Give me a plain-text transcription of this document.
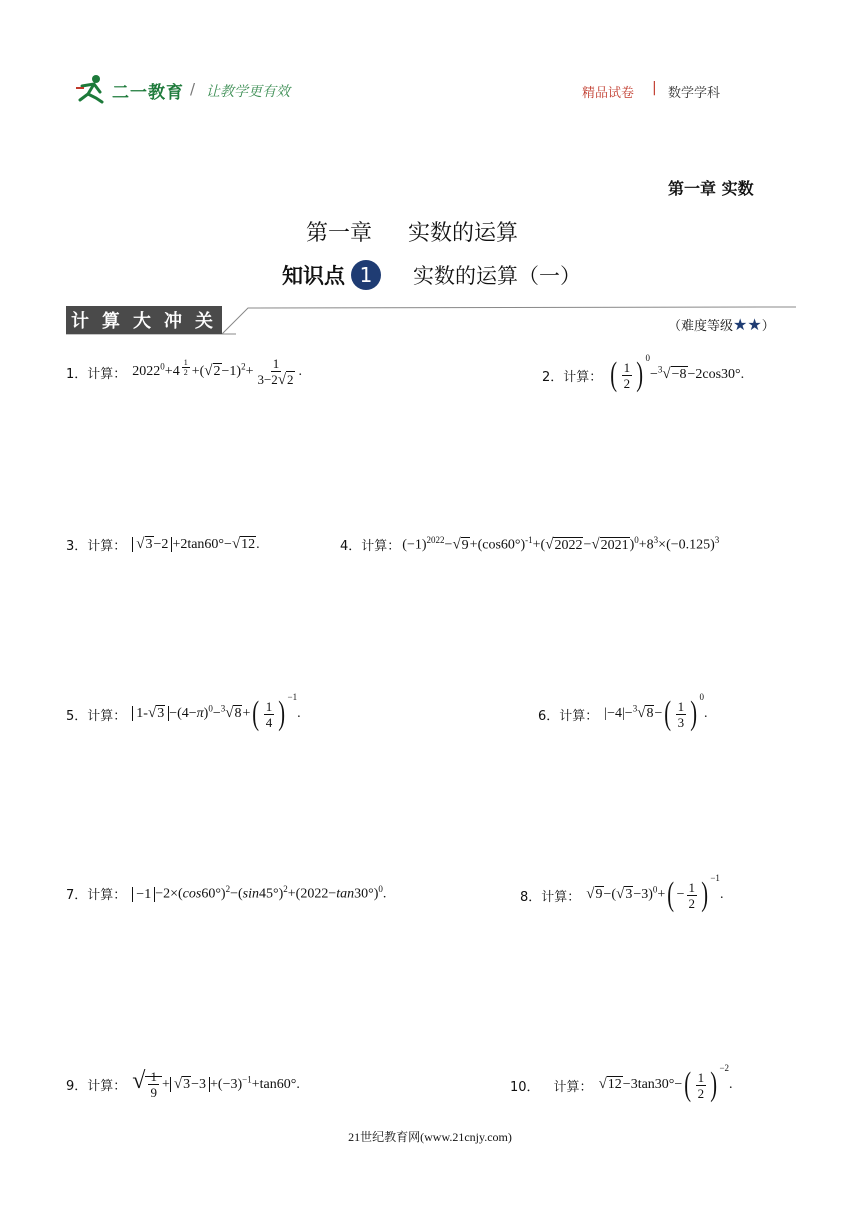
二一教育 / 让教学更有效	精品试卷 | 数学学科
第一章 实数
第一章 实数的运算
知识点 1	实数的运算（一）
计 算 大 冲 关	（难度等级★★）
1． 计算： $2022^0+4$ $^{\frac{1}{2}} +(√2-1)^2+ \frac{1}{3-2√2}$ .	2． 计算： ( $\frac{1}{2}$ ) $^0$−$^3$√−8−2cos30°.
3． 计算： √3−2 +2tan60°−√12.	4． 计算： $(-1)^{2022}-√9+(\cos 60^\circ)^{-1}+(√2022-√2021)^0+8^3\times(-0.125)^3$
5． 计算： $1-√3 -(4-\pi)^0-^3√8+( \frac{1}{4}$ ) $^{-1}$.	6． 计算： $|-4|-^3√8-( \frac{1}{3}$ ) $^0$.
7． 计算： $-1 -2\times(\cos 60^\circ)^2-(\sin 45^\circ)^2+(2022-\tan 30^\circ)^0$.	8． 计算： $√9-(√3-3)^0+( - \frac{1}{2}$ ) $^{-1}$.
9． 计算： √ $\frac{1}{9} + √3-3 +(-3)^{-1}+\tan 60^\circ$.	10． 计算： $√12-3\tan 30^\circ-( \frac{1}{2}$ ) $^{-2}$.
21世纪教育网(www.21cnjy.com)
